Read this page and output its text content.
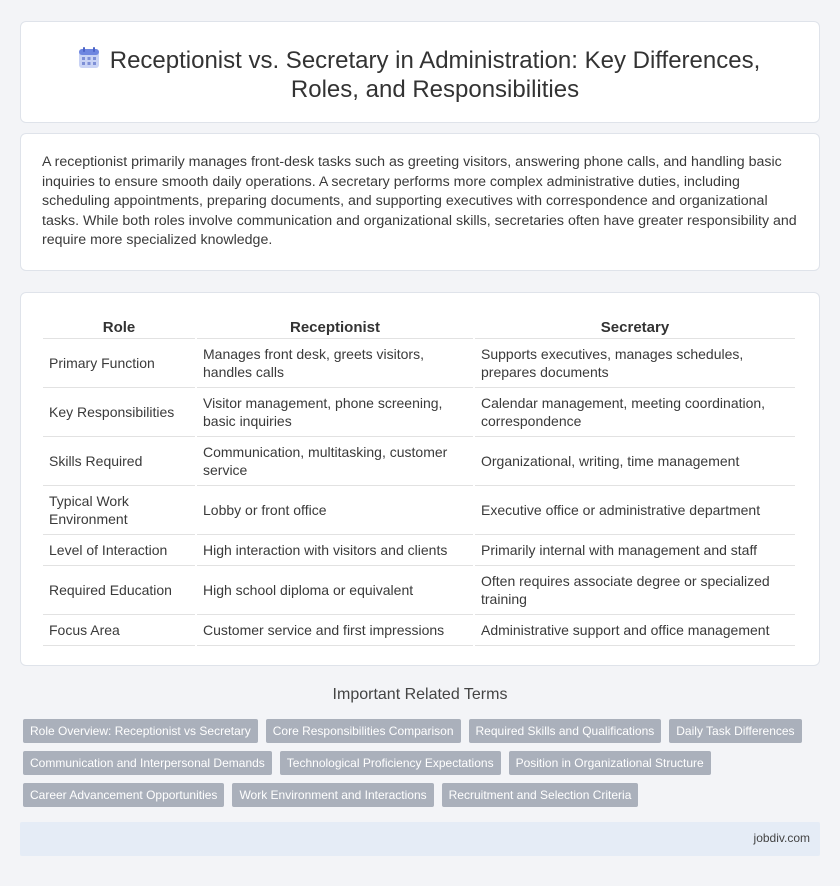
Receptionist vs. Secretary in Administration: Key Differences, Roles, and Responsibilities

A receptionist primarily manages front-desk tasks such as greeting visitors, answering phone calls, and handling basic inquiries to ensure smooth daily operations. A secretary performs more complex administrative duties, including scheduling appointments, preparing documents, and supporting executives with correspondence and organizational tasks. While both roles involve communication and organizational skills, secretaries often have greater responsibility and require more specialized knowledge.

Role	Receptionist	Secretary
Primary Function	Manages front desk, greets visitors, handles calls	Supports executives, manages schedules, prepares documents
Key Responsibilities	Visitor management, phone screening, basic inquiries	Calendar management, meeting coordination, correspondence
Skills Required	Communication, multitasking, customer service	Organizational, writing, time management
Typical Work Environment	Lobby or front office	Executive office or administrative department
Level of Interaction	High interaction with visitors and clients	Primarily internal with management and staff
Required Education	High school diploma or equivalent	Often requires associate degree or specialized training
Focus Area	Customer service and first impressions	Administrative support and office management
Important Related Terms
Role Overview: Receptionist vs Secretary	Core Responsibilities Comparison	Required Skills and Qualifications	Daily Task Differences
Communication and Interpersonal Demands	Technological Proficiency Expectations	Position in Organizational Structure
Career Advancement Opportunities	Work Environment and Interactions	Recruitment and Selection Criteria
jobdiv.com
